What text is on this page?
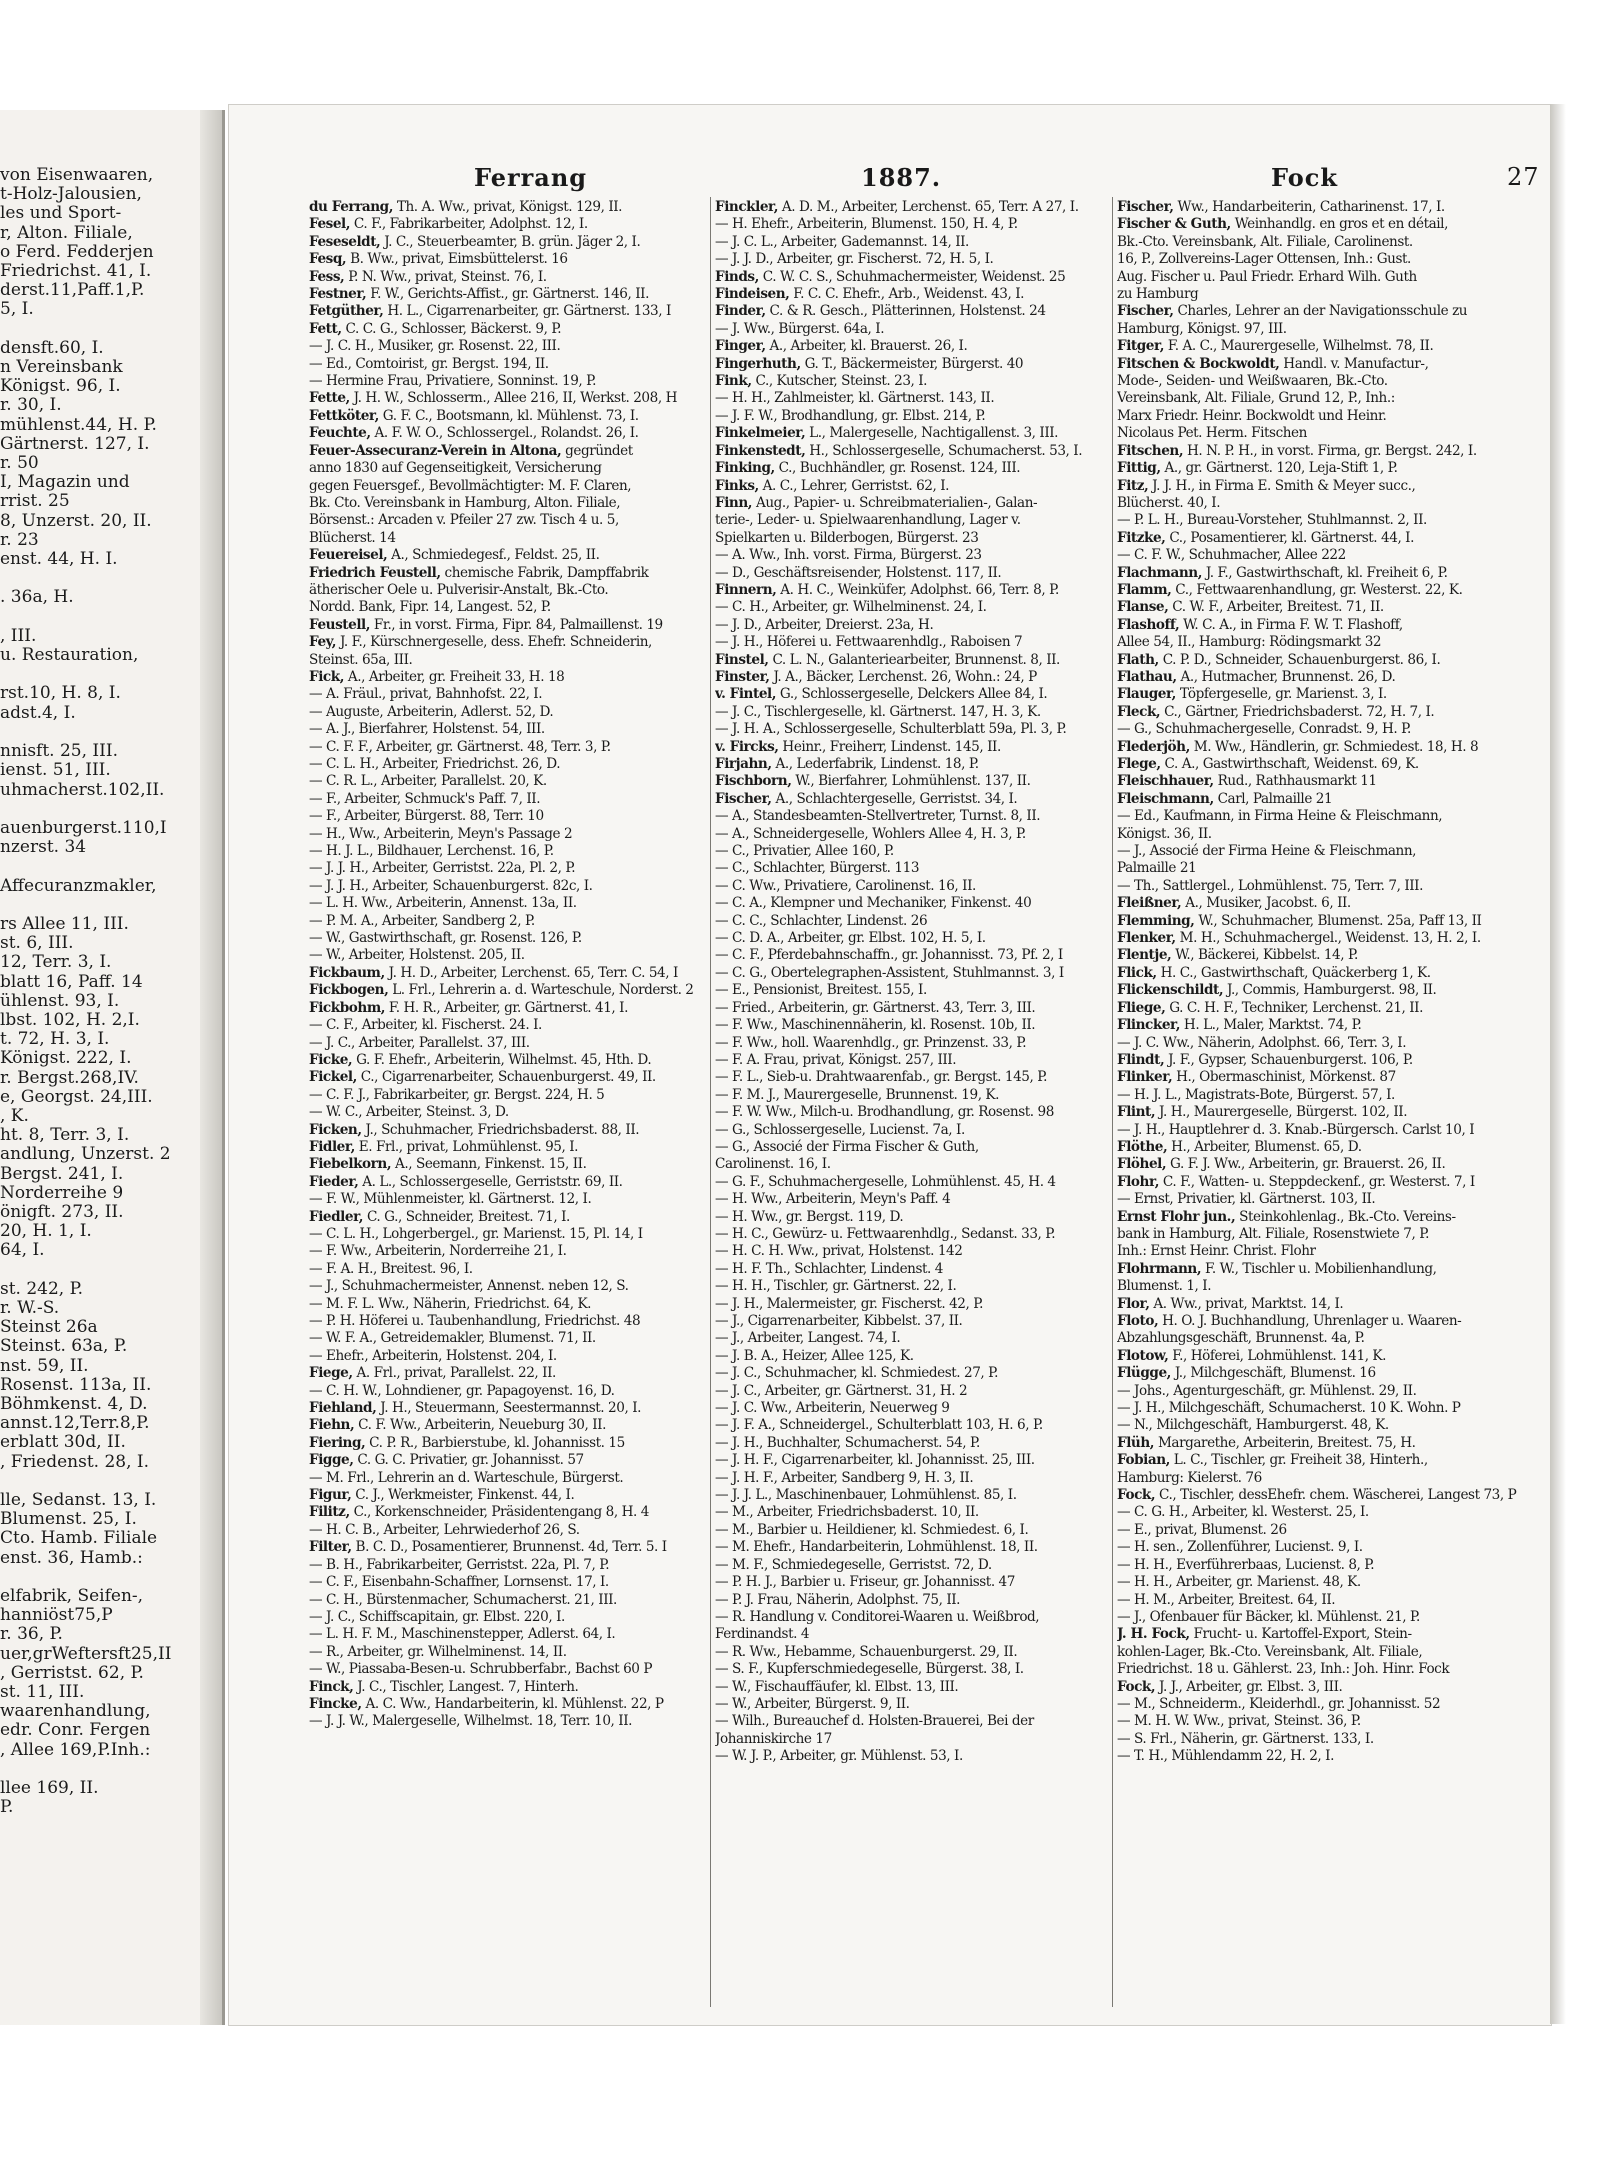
von Eisenwaaren,
t-Holz-Jalousien,
les und Sport-
r, Alton. Filiale,
o Ferd. Fedderjen
Friedrichst. 41, I.
derst.11,Paff.1,P.
5, I.

densft.60, I.
n Vereinsbank
Königst. 96, I.
r. 30, I.
mühlenst.44, H. P.
Gärtnerst. 127, I.
r. 50
I, Magazin und
rrist. 25
8, Unzerst. 20, II.
r. 23
enst. 44, H. I.

. 36a, H.

, III.
u. Restauration,

rst.10, H. 8, I.
adst.4, I.

nnisft. 25, III.
ienst. 51, III.
uhmacherst.102,II.

auenburgerst.110,I
nzerst. 34

Affecuranzmakler,

rs Allee 11, III.
st. 6, III.
12, Terr. 3, I.
blatt 16, Paff. 14
ühlenst. 93, I.
lbst. 102, H. 2,I.
t. 72, H. 3, I.
Königst. 222, I.
r. Bergst.268,IV.
e, Georgst. 24,III.
, K.
ht. 8, Terr. 3, I.
andlung, Unzerst. 2
Bergst. 241, I.
Norderreihe 9
önigft. 273, II.
20, H. 1, I.
64, I.

st. 242, P.
r. W.-S.
Steinst 26a
Steinst. 63a, P.
nst. 59, II.
Rosenst. 113a, II.
Böhmkenst. 4, D.
annst.12,Terr.8,P.
erblatt 30d, II.
, Friedenst. 28, I.

lle, Sedanst. 13, I.
Blumenst. 25, I.
Cto. Hamb. Filiale
enst. 36, Hamb.:

elfabrik, Seifen-,
hanniöst75,P
r. 36, P.
uer,grWeftersft25,II
, Gerristst. 62, P.
st. 11, III.
waarenhandlung,
edr. Conr. Fergen
, Allee 169,P.Inh.:

llee 169, II.
P.
Ferrang	1887.	Fock	27
du Ferrang, Th. A. Ww., privat, Königst. 129, II.
Fesel, C. F., Fabrikarbeiter, Adolphst. 12, I.
Feseseldt, J. C., Steuerbeamter, B. grün. Jäger 2, I.
Fesq, B. Ww., privat, Eimsbüttelerst. 16
Fess, P. N. Ww., privat, Steinst. 76, I.
Festner, F. W., Gerichts-Affist., gr. Gärtnerst. 146, II.
Fetgüther, H. L., Cigarrenarbeiter, gr. Gärtnerst. 133, I
Fett, C. C. G., Schlosser, Bäckerst. 9, P.
— J. C. H., Musiker, gr. Rosenst. 22, III.
— Ed., Comtoirist, gr. Bergst. 194, II.
— Hermine Frau, Privatiere, Sonninst. 19, P.
Fette, J. H. W., Schlosserm., Allee 216, II, Werkst. 208, H
Fettköter, G. F. C., Bootsmann, kl. Mühlenst. 73, I.
Feuchte, A. F. W. O., Schlossergel., Rolandst. 26, I.
Feuer-Assecuranz-Verein in Altona, gegründet
anno 1830 auf Gegenseitigkeit, Versicherung
gegen Feuersgef., Bevollmächtigter: M. F. Claren,
Bk. Cto. Vereinsbank in Hamburg, Alton. Filiale,
Börsenst.: Arcaden v. Pfeiler 27 zw. Tisch 4 u. 5,
Blücherst. 14
Feuereisel, A., Schmiedegesf., Feldst. 25, II.
Friedrich Feustell, chemische Fabrik, Dampffabrik
ätherischer Oele u. Pulverisir-Anstalt, Bk.-Cto.
Nordd. Bank, Fipr. 14, Langest. 52, P.
Feustell, Fr., in vorst. Firma, Fipr. 84, Palmaillenst. 19
Fey, J. F., Kürschnergeselle, dess. Ehefr. Schneiderin,
Steinst. 65a, III.
Fick, A., Arbeiter, gr. Freiheit 33, H. 18
— A. Fräul., privat, Bahnhofst. 22, I.
— Auguste, Arbeiterin, Adlerst. 52, D.
— A. J., Bierfahrer, Holstenst. 54, III.
— C. F. F., Arbeiter, gr. Gärtnerst. 48, Terr. 3, P.
— C. L. H., Arbeiter, Friedrichst. 26, D.
— C. R. L., Arbeiter, Parallelst. 20, K.
— F., Arbeiter, Schmuck's Paff. 7, II.
— F., Arbeiter, Bürgerst. 88, Terr. 10
— H., Ww., Arbeiterin, Meyn's Passage 2
— H. J. L., Bildhauer, Lerchenst. 16, P.
— J. J. H., Arbeiter, Gerristst. 22a, Pl. 2, P.
— J. J. H., Arbeiter, Schauenburgerst. 82c, I.
— L. H. Ww., Arbeiterin, Annenst. 13a, II.
— P. M. A., Arbeiter, Sandberg 2, P.
— W., Gastwirthschaft, gr. Rosenst. 126, P.
— W., Arbeiter, Holstenst. 205, II.
Fickbaum, J. H. D., Arbeiter, Lerchenst. 65, Terr. C. 54, I
Fickbogen, L. Frl., Lehrerin a. d. Warteschule, Norderst. 2
Fickbohm, F. H. R., Arbeiter, gr. Gärtnerst. 41, I.
— C. F., Arbeiter, kl. Fischerst. 24. I.
— J. C., Arbeiter, Parallelst. 37, III.
Ficke, G. F. Ehefr., Arbeiterin, Wilhelmst. 45, Hth. D.
Fickel, C., Cigarrenarbeiter, Schauenburgerst. 49, II.
— C. F. J., Fabrikarbeiter, gr. Bergst. 224, H. 5
— W. C., Arbeiter, Steinst. 3, D.
Ficken, J., Schuhmacher, Friedrichsbaderst. 88, II.
Fidler, E. Frl., privat, Lohmühlenst. 95, I.
Fiebelkorn, A., Seemann, Finkenst. 15, II.
Fieder, A. L., Schlossergeselle, Gerriststr. 69, II.
— F. W., Mühlenmeister, kl. Gärtnerst. 12, I.
Fiedler, C. G., Schneider, Breitest. 71, I.
— C. L. H., Lohgerbergel., gr. Marienst. 15, Pl. 14, I
— F. Ww., Arbeiterin, Norderreihe 21, I.
— F. A. H., Breitest. 96, I.
— J., Schuhmachermeister, Annenst. neben 12, S.
— M. F. L. Ww., Näherin, Friedrichst. 64, K.
— P. H. Höferei u. Taubenhandlung, Friedrichst. 48
— W. F. A., Getreidemakler, Blumenst. 71, II.
— Ehefr., Arbeiterin, Holstenst. 204, I.
Fiege, A. Frl., privat, Parallelst. 22, II.
— C. H. W., Lohndiener, gr. Papagoyenst. 16, D.
Fiehland, J. H., Steuermann, Seestermannst. 20, I.
Fiehn, C. F. Ww., Arbeiterin, Neueburg 30, II.
Fiering, C. P. R., Barbierstube, kl. Johannisst. 15
Figge, C. G. C. Privatier, gr. Johannisst. 57
— M. Frl., Lehrerin an d. Warteschule, Bürgerst.
Figur, C. J., Werkmeister, Finkenst. 44, I.
Filitz, C., Korkenschneider, Präsidentengang 8, H. 4
— H. C. B., Arbeiter, Lehrwiederhof 26, S.
Filter, B. C. D., Posamentierer, Brunnenst. 4d, Terr. 5. I
— B. H., Fabrikarbeiter, Gerristst. 22a, Pl. 7, P.
— C. F., Eisenbahn-Schaffner, Lornsenst. 17, I.
— C. H., Bürstenmacher, Schumacherst. 21, III.
— J. C., Schiffscapitain, gr. Elbst. 220, I.
— L. H. F. M., Maschinenstepper, Adlerst. 64, I.
— R., Arbeiter, gr. Wilhelminenst. 14, II.
— W., Piassaba-Besen-u. Schrubberfabr., Bachst 60 P
Finck, J. C., Tischler, Langest. 7, Hinterh.
Fincke, A. C. Ww., Handarbeiterin, kl. Mühlenst. 22, P
— J. J. W., Malergeselle, Wilhelmst. 18, Terr. 10, II.
Finckler, A. D. M., Arbeiter, Lerchenst. 65, Terr. A 27, I.
— H. Ehefr., Arbeiterin, Blumenst. 150, H. 4, P.
— J. C. L., Arbeiter, Gademannst. 14, II.
— J. J. D., Arbeiter, gr. Fischerst. 72, H. 5, I.
Finds, C. W. C. S., Schuhmachermeister, Weidenst. 25
Findeisen, F. C. C. Ehefr., Arb., Weidenst. 43, I.
Finder, C. & R. Gesch., Plätterinnen, Holstenst. 24
— J. Ww., Bürgerst. 64a, I.
Finger, A., Arbeiter, kl. Brauerst. 26, I.
Fingerhuth, G. T., Bäckermeister, Bürgerst. 40
Fink, C., Kutscher, Steinst. 23, I.
— H. H., Zahlmeister, kl. Gärtnerst. 143, II.
— J. F. W., Brodhandlung, gr. Elbst. 214, P.
Finkelmeier, L., Malergeselle, Nachtigallenst. 3, III.
Finkenstedt, H., Schlossergeselle, Schumacherst. 53, I.
Finking, C., Buchhändler, gr. Rosenst. 124, III.
Finks, A. C., Lehrer, Gerristst. 62, I.
Finn, Aug., Papier- u. Schreibmaterialien-, Galan-
terie-, Leder- u. Spielwaarenhandlung, Lager v.
Spielkarten u. Bilderbogen, Bürgerst. 23
— A. Ww., Inh. vorst. Firma, Bürgerst. 23
— D., Geschäftsreisender, Holstenst. 117, II.
Finnern, A. H. C., Weinküfer, Adolphst. 66, Terr. 8, P.
— C. H., Arbeiter, gr. Wilhelminenst. 24, I.
— J. D., Arbeiter, Dreierst. 23a, H.
— J. H., Höferei u. Fettwaarenhdlg., Raboisen 7
Finstel, C. L. N., Galanteriearbeiter, Brunnenst. 8, II.
Finster, J. A., Bäcker, Lerchenst. 26, Wohn.: 24, P
v. Fintel, G., Schlossergeselle, Delckers Allee 84, I.
— J. C., Tischlergeselle, kl. Gärtnerst. 147, H. 3, K.
— J. H. A., Schlossergeselle, Schulterblatt 59a, Pl. 3, P.
v. Fircks, Heinr., Freiherr, Lindenst. 145, II.
Firjahn, A., Lederfabrik, Lindenst. 18, P.
Fischborn, W., Bierfahrer, Lohmühlenst. 137, II.
Fischer, A., Schlachtergeselle, Gerristst. 34, I.
— A., Standesbeamten-Stellvertreter, Turnst. 8, II.
— A., Schneidergeselle, Wohlers Allee 4, H. 3, P.
— C., Privatier, Allee 160, P.
— C., Schlachter, Bürgerst. 113
— C. Ww., Privatiere, Carolinenst. 16, II.
— C. A., Klempner und Mechaniker, Finkenst. 40
— C. C., Schlachter, Lindenst. 26
— C. D. A., Arbeiter, gr. Elbst. 102, H. 5, I.
— C. F., Pferdebahnschaffn., gr. Johannisst. 73, Pf. 2, I
— C. G., Obertelegraphen-Assistent, Stuhlmannst. 3, I
— E., Pensionist, Breitest. 155, I.
— Fried., Arbeiterin, gr. Gärtnerst. 43, Terr. 3, III.
— F. Ww., Maschinennäherin, kl. Rosenst. 10b, II.
— F. Ww., holl. Waarenhdlg., gr. Prinzenst. 33, P.
— F. A. Frau, privat, Königst. 257, III.
— F. L., Sieb-u. Drahtwaarenfab., gr. Bergst. 145, P.
— F. M. J., Maurergeselle, Brunnenst. 19, K.
— F. W. Ww., Milch-u. Brodhandlung, gr. Rosenst. 98
— G., Schlossergeselle, Lucienst. 7a, I.
— G., Associé der Firma Fischer & Guth,
Carolinenst. 16, I.
— G. F., Schuhmachergeselle, Lohmühlenst. 45, H. 4
— H. Ww., Arbeiterin, Meyn's Paff. 4
— H. Ww., gr. Bergst. 119, D.
— H. C., Gewürz- u. Fettwaarenhdlg., Sedanst. 33, P.
— H. C. H. Ww., privat, Holstenst. 142
— H. F. Th., Schlachter, Lindenst. 4
— H. H., Tischler, gr. Gärtnerst. 22, I.
— J. H., Malermeister, gr. Fischerst. 42, P.
— J., Cigarrenarbeiter, Kibbelst. 37, II.
— J., Arbeiter, Langest. 74, I.
— J. B. A., Heizer, Allee 125, K.
— J. C., Schuhmacher, kl. Schmiedest. 27, P.
— J. C., Arbeiter, gr. Gärtnerst. 31, H. 2
— J. C. Ww., Arbeiterin, Neuerweg 9
— J. F. A., Schneidergel., Schulterblatt 103, H. 6, P.
— J. H., Buchhalter, Schumacherst. 54, P.
— J. H. F., Cigarrenarbeiter, kl. Johannisst. 25, III.
— J. H. F., Arbeiter, Sandberg 9, H. 3, II.
— J. J. L., Maschinenbauer, Lohmühlenst. 85, I.
— M., Arbeiter, Friedrichsbaderst. 10, II.
— M., Barbier u. Heildiener, kl. Schmiedest. 6, I.
— M. Ehefr., Handarbeiterin, Lohmühlenst. 18, II.
— M. F., Schmiedegeselle, Gerristst. 72, D.
— P. H. J., Barbier u. Friseur, gr. Johannisst. 47
— P. J. Frau, Näherin, Adolphst. 75, II.
— R. Handlung v. Conditorei-Waaren u. Weißbrod,
Ferdinandst. 4
— R. Ww., Hebamme, Schauenburgerst. 29, II.
— S. F., Kupferschmiedegeselle, Bürgerst. 38, I.
— W., Fischauffäufer, kl. Elbst. 13, III.
— W., Arbeiter, Bürgerst. 9, II.
— Wilh., Bureauchef d. Holsten-Brauerei, Bei der
Johanniskirche 17
— W. J. P., Arbeiter, gr. Mühlenst. 53, I.
Fischer, Ww., Handarbeiterin, Catharinenst. 17, I.
Fischer & Guth, Weinhandlg. en gros et en détail,
Bk.-Cto. Vereinsbank, Alt. Filiale, Carolinenst.
16, P., Zollvereins-Lager Ottensen, Inh.: Gust.
Aug. Fischer u. Paul Friedr. Erhard Wilh. Guth
zu Hamburg
Fischer, Charles, Lehrer an der Navigationsschule zu
Hamburg, Königst. 97, III.
Fitger, F. A. C., Maurergeselle, Wilhelmst. 78, II.
Fitschen & Bockwoldt, Handl. v. Manufactur-,
Mode-, Seiden- und Weißwaaren, Bk.-Cto.
Vereinsbank, Alt. Filiale, Grund 12, P., Inh.:
Marx Friedr. Heinr. Bockwoldt und Heinr.
Nicolaus Pet. Herm. Fitschen
Fitschen, H. N. P. H., in vorst. Firma, gr. Bergst. 242, I.
Fittig, A., gr. Gärtnerst. 120, Leja-Stift 1, P.
Fitz, J. J. H., in Firma E. Smith & Meyer succ.,
Blücherst. 40, I.
— P. L. H., Bureau-Vorsteher, Stuhlmannst. 2, II.
Fitzke, C., Posamentierer, kl. Gärtnerst. 44, I.
— C. F. W., Schuhmacher, Allee 222
Flachmann, J. F., Gastwirthschaft, kl. Freiheit 6, P.
Flamm, C., Fettwaarenhandlung, gr. Westerst. 22, K.
Flanse, C. W. F., Arbeiter, Breitest. 71, II.
Flashoff, W. C. A., in Firma F. W. T. Flashoff,
Allee 54, II., Hamburg: Rödingsmarkt 32
Flath, C. P. D., Schneider, Schauenburgerst. 86, I.
Flathau, A., Hutmacher, Brunnenst. 26, D.
Flauger, Töpfergeselle, gr. Marienst. 3, I.
Fleck, C., Gärtner, Friedrichsbaderst. 72, H. 7, I.
— G., Schuhmachergeselle, Conradst. 9, H. P.
Flederjöh, M. Ww., Händlerin, gr. Schmiedest. 18, H. 8
Flege, C. A., Gastwirthschaft, Weidenst. 69, K.
Fleischhauer, Rud., Rathhausmarkt 11
Fleischmann, Carl, Palmaille 21
— Ed., Kaufmann, in Firma Heine & Fleischmann,
Königst. 36, II.
— J., Associé der Firma Heine & Fleischmann,
Palmaille 21
— Th., Sattlergel., Lohmühlenst. 75, Terr. 7, III.
Fleißner, A., Musiker, Jacobst. 6, II.
Flemming, W., Schuhmacher, Blumenst. 25a, Paff 13, II
Flenker, M. H., Schuhmachergel., Weidenst. 13, H. 2, I.
Flentje, W., Bäckerei, Kibbelst. 14, P.
Flick, H. C., Gastwirthschaft, Quäckerberg 1, K.
Flickenschildt, J., Commis, Hamburgerst. 98, II.
Fliege, G. C. H. F., Techniker, Lerchenst. 21, II.
Flincker, H. L., Maler, Marktst. 74, P.
— J. C. Ww., Näherin, Adolphst. 66, Terr. 3, I.
Flindt, J. F., Gypser, Schauenburgerst. 106, P.
Flinker, H., Obermaschinist, Mörkenst. 87
— H. J. L., Magistrats-Bote, Bürgerst. 57, I.
Flint, J. H., Maurergeselle, Bürgerst. 102, II.
— J. H., Hauptlehrer d. 3. Knab.-Bürgersch. Carlst 10, I
Flöthe, H., Arbeiter, Blumenst. 65, D.
Flöhel, G. F. J. Ww., Arbeiterin, gr. Brauerst. 26, II.
Flohr, C. F., Watten- u. Steppdeckenf., gr. Westerst. 7, I
— Ernst, Privatier, kl. Gärtnerst. 103, II.
Ernst Flohr jun., Steinkohlenlag., Bk.-Cto. Vereins-
bank in Hamburg, Alt. Filiale, Rosenstwiete 7, P.
Inh.: Ernst Heinr. Christ. Flohr
Flohrmann, F. W., Tischler u. Mobilienhandlung,
Blumenst. 1, I.
Flor, A. Ww., privat, Marktst. 14, I.
Floto, H. O. J. Buchhandlung, Uhrenlager u. Waaren-
Abzahlungsgeschäft, Brunnenst. 4a, P.
Flotow, F., Höferei, Lohmühlenst. 141, K.
Flügge, J., Milchgeschäft, Blumenst. 16
— Johs., Agenturgeschäft, gr. Mühlenst. 29, II.
— J. H., Milchgeschäft, Schumacherst. 10 K. Wohn. P
— N., Milchgeschäft, Hamburgerst. 48, K.
Flüh, Margarethe, Arbeiterin, Breitest. 75, H.
Fobian, L. C., Tischler, gr. Freiheit 38, Hinterh.,
Hamburg: Kielerst. 76
Fock, C., Tischler, dessEhefr. chem. Wäscherei, Langest 73, P
— C. G. H., Arbeiter, kl. Westerst. 25, I.
— E., privat, Blumenst. 26
— H. sen., Zollenführer, Lucienst. 9, I.
— H. H., Everführerbaas, Lucienst. 8, P.
— H. H., Arbeiter, gr. Marienst. 48, K.
— H. M., Arbeiter, Breitest. 64, II.
— J., Ofenbauer für Bäcker, kl. Mühlenst. 21, P.
J. H. Fock, Frucht- u. Kartoffel-Export, Stein-
kohlen-Lager, Bk.-Cto. Vereinsbank, Alt. Filiale,
Friedrichst. 18 u. Gählerst. 23, Inh.: Joh. Hinr. Fock
Fock, J. J., Arbeiter, gr. Elbst. 3, III.
— M., Schneiderm., Kleiderhdl., gr. Johannisst. 52
— M. H. W. Ww., privat, Steinst. 36, P.
— S. Frl., Näherin, gr. Gärtnerst. 133, I.
— T. H., Mühlendamm 22, H. 2, I.
